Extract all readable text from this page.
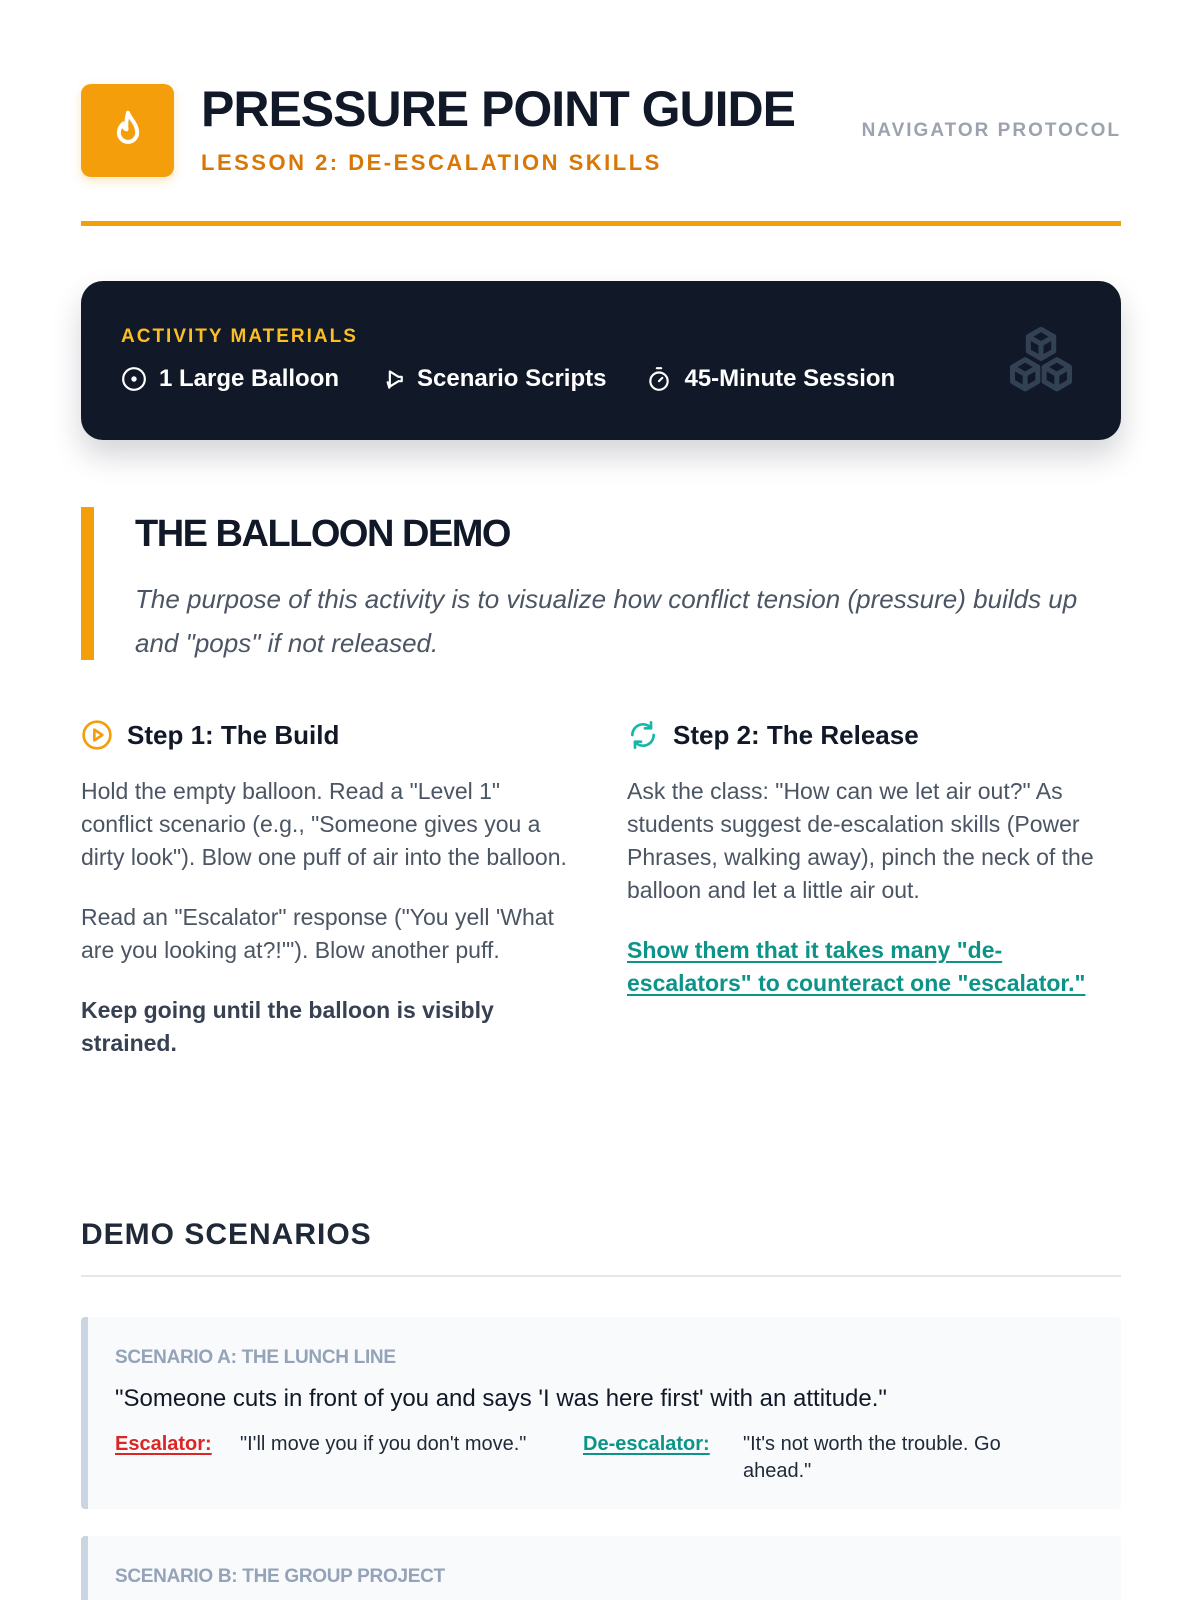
PRESSURE POINT GUIDE
LESSON 2: DE-ESCALATION SKILLS
NAVIGATOR PROTOCOL
ACTIVITY MATERIALS
1 Large Balloon	Scenario Scripts	45-Minute Session
THE BALLOON DEMO
The purpose of this activity is to visualize how conflict tension (pressure) builds up and "pops" if not released.
Step 1: The Build

Hold the empty balloon. Read a "Level 1" conflict scenario (e.g., "Someone gives you a dirty look"). Blow one puff of air into the balloon.

Read an "Escalator" response ("You yell 'What are you looking at?!'"). Blow another puff.

Keep going until the balloon is visibly strained.

Step 2: The Release

Ask the class: "How can we let air out?" As students suggest de-escalation skills (Power Phrases, walking away), pinch the neck of the balloon and let a little air out.

Show them that it takes many "de-escalators" to counteract one "escalator."

DEMO SCENARIOS
SCENARIO A: THE LUNCH LINE
"Someone cuts in front of you and says 'I was here first' with an attitude."
Escalator:	"I'll move you if you don't move."	De-escalator:	"It's not worth the trouble. Go ahead."
SCENARIO B: THE GROUP PROJECT
